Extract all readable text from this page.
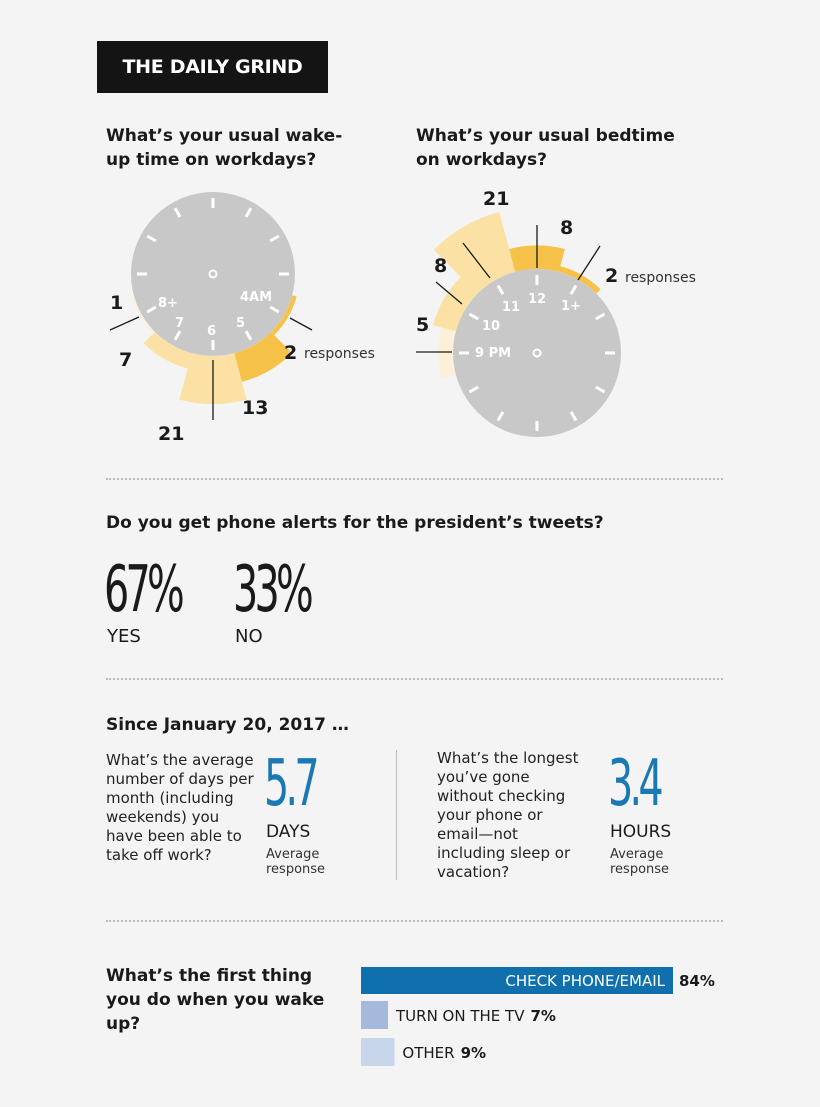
THE DAILY GRIND
What’s your usual wake-up time on workdays?
What’s your usual bedtime on workdays?
4AM
5
6
7
8+
2 responses
13
21
7
1
9 PM
10
11
12 1+
5
8
21
8
2 responses
Do you get phone alerts for the president’s tweets?
67%
YES
33%
NO
Since January 20, 2017 …
What’s the average number of days per month (including weekends) you have been able to take off work?
5.7
DAYS
Average response
What’s the longest you’ve gone without checking your phone or email—not including sleep or vacation?
3.4
HOURS
Average response
What’s the first thing you do when you wake up?
CHECK PHONE/EMAIL 84%
TURN ON THE TV 7%
OTHER 9%
